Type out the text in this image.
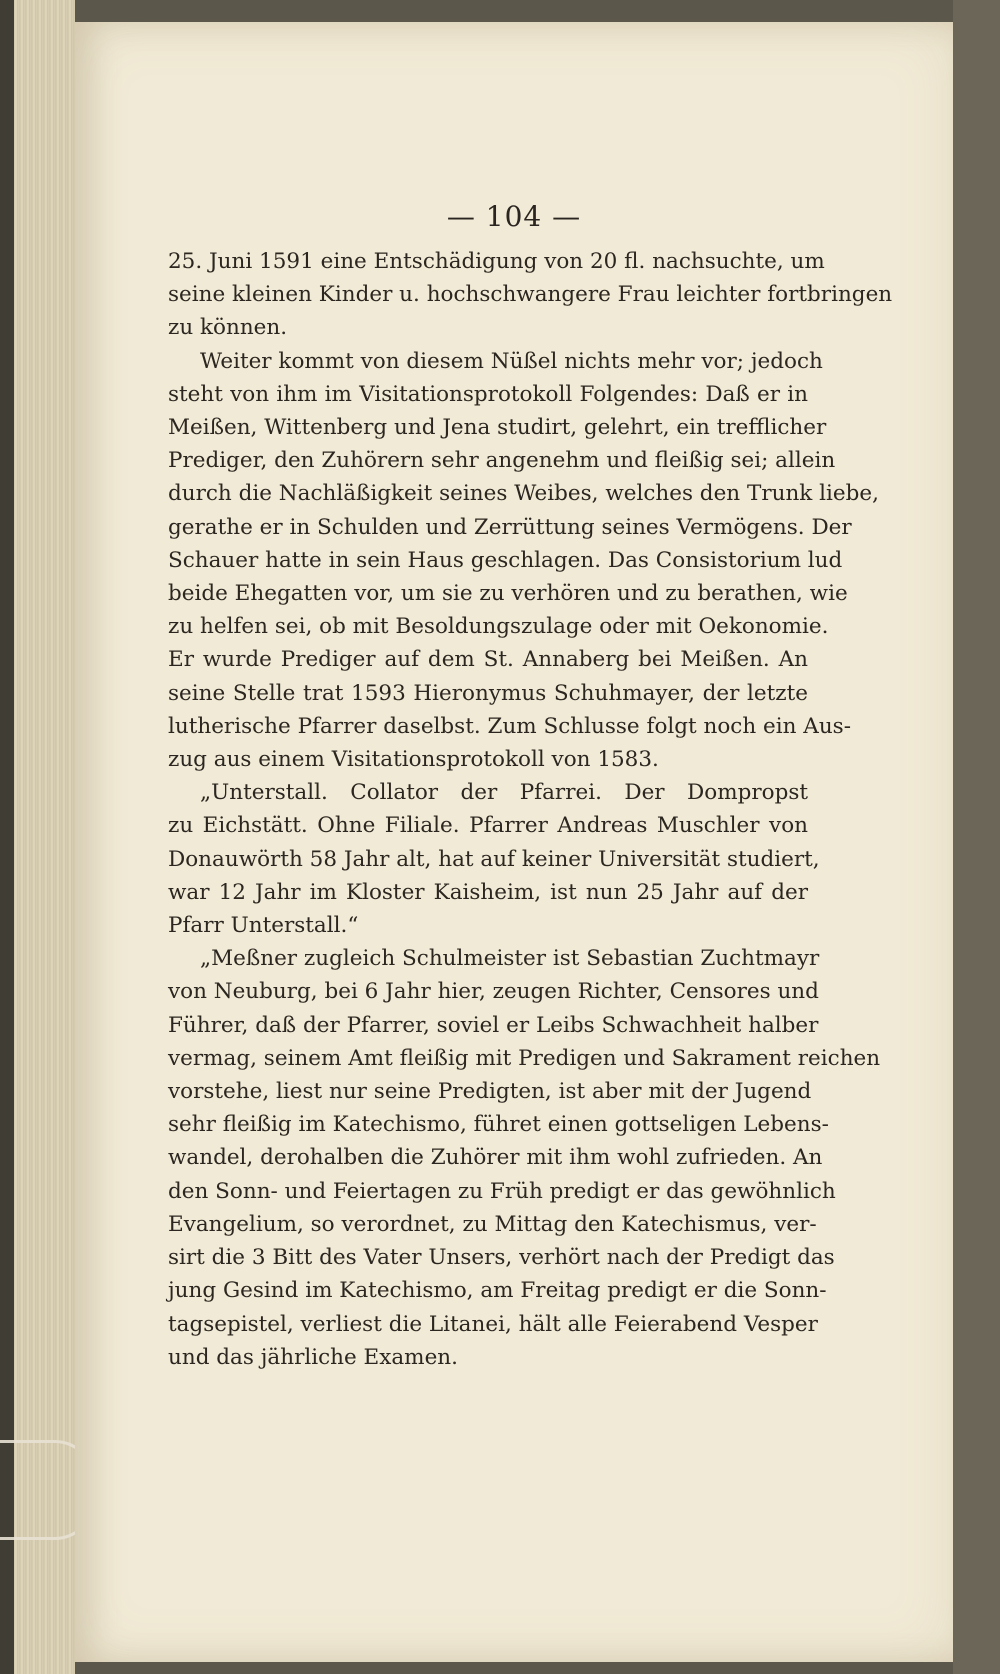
— 104 —
25. Juni 1591 eine Entschädigung von 20 fl. nachsuchte, um
seine kleinen Kinder u. hochschwangere Frau leichter fortbringen
zu können.
Weiter kommt von diesem Nüßel nichts mehr vor; jedoch
steht von ihm im Visitationsprotokoll Folgendes: Daß er in
Meißen, Wittenberg und Jena studirt, gelehrt, ein trefflicher
Prediger, den Zuhörern sehr angenehm und fleißig sei; allein
durch die Nachläßigkeit seines Weibes, welches den Trunk liebe,
gerathe er in Schulden und Zerrüttung seines Vermögens. Der
Schauer hatte in sein Haus geschlagen. Das Consistorium lud
beide Ehegatten vor, um sie zu verhören und zu berathen, wie
zu helfen sei, ob mit Besoldungszulage oder mit Oekonomie.
Er wurde Prediger auf dem St. Annaberg bei Meißen. An
seine Stelle trat 1593 Hieronymus Schuhmayer, der letzte
lutherische Pfarrer daselbst. Zum Schlusse folgt noch ein Aus-
zug aus einem Visitationsprotokoll von 1583.
„Unterstall. Collator der Pfarrei. Der Dompropst
zu Eichstätt. Ohne Filiale. Pfarrer Andreas Muschler von
Donauwörth 58 Jahr alt, hat auf keiner Universität studiert,
war 12 Jahr im Kloster Kaisheim, ist nun 25 Jahr auf der
Pfarr Unterstall.“
„Meßner zugleich Schulmeister ist Sebastian Zuchtmayr
von Neuburg, bei 6 Jahr hier, zeugen Richter, Censores und
Führer, daß der Pfarrer, soviel er Leibs Schwachheit halber
vermag, seinem Amt fleißig mit Predigen und Sakrament reichen
vorstehe, liest nur seine Predigten, ist aber mit der Jugend
sehr fleißig im Katechismo, führet einen gottseligen Lebens-
wandel, derohalben die Zuhörer mit ihm wohl zufrieden. An
den Sonn- und Feiertagen zu Früh predigt er das gewöhnlich
Evangelium, so verordnet, zu Mittag den Katechismus, ver-
sirt die 3 Bitt des Vater Unsers, verhört nach der Predigt das
jung Gesind im Katechismo, am Freitag predigt er die Sonn-
tagsepistel, verliest die Litanei, hält alle Feierabend Vesper
und das jährliche Examen.
